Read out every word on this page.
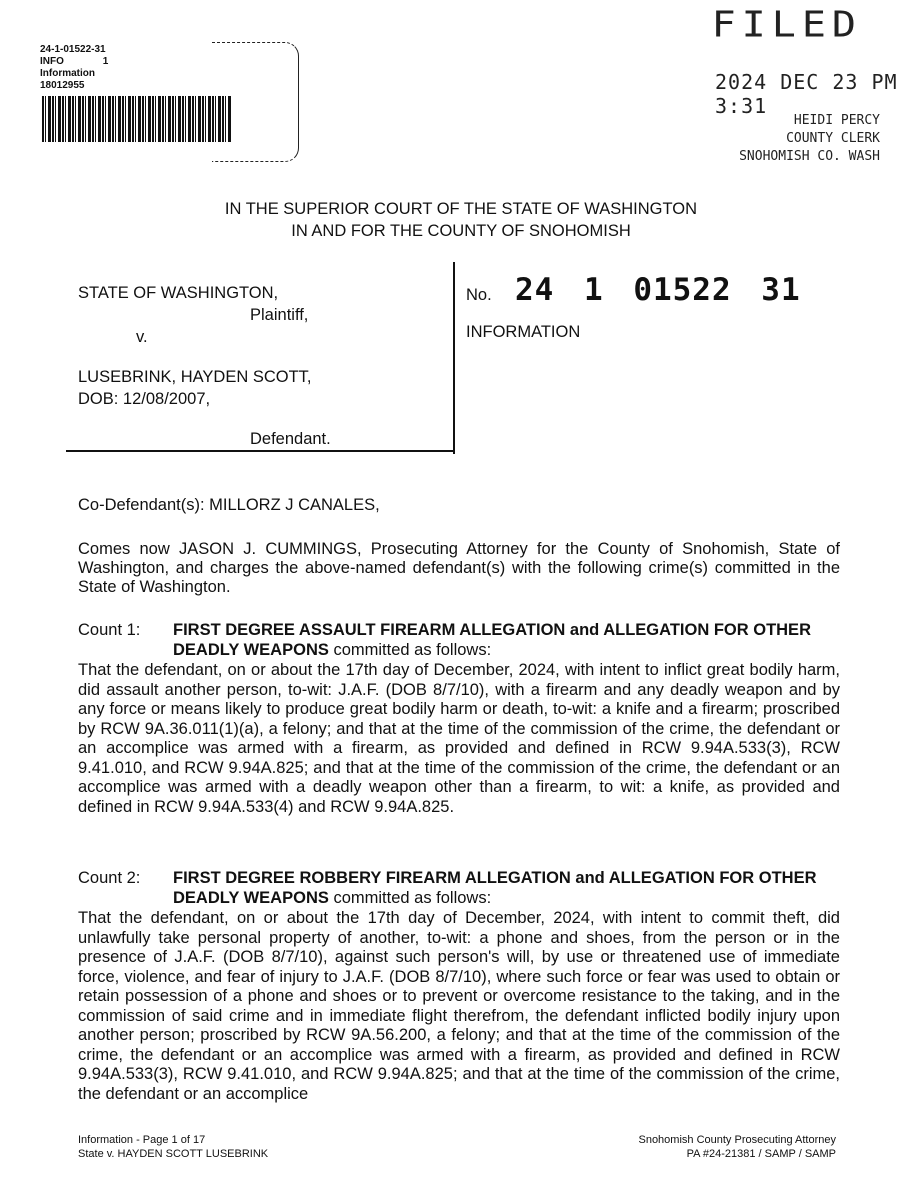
24-1-01522-31
INFO	1
Information
18012955
FILED
2024 DEC 23 PM 3:31
HEIDI PERCY
COUNTY CLERK
SNOHOMISH CO. WASH
IN THE SUPERIOR COURT OF THE STATE OF WASHINGTON
IN AND FOR THE COUNTY OF SNOHOMISH
STATE OF WASHINGTON,
Plaintiff,
v.
LUSEBRINK, HAYDEN SCOTT,
DOB: 12/08/2007,
Defendant.
No. 24 1 01522 31
INFORMATION
Co-Defendant(s): MILLORZ J CANALES,
Comes now JASON J. CUMMINGS, Prosecuting Attorney for the County of Snohomish, State of Washington, and charges the above-named defendant(s) with the following crime(s) committed in the State of Washington.
Count 1: FIRST DEGREE ASSAULT FIREARM ALLEGATION and ALLEGATION FOR OTHER DEADLY WEAPONS committed as follows:
That the defendant, on or about the 17th day of December, 2024, with intent to inflict great bodily harm, did assault another person, to-wit: J.A.F. (DOB 8/7/10), with a firearm and any deadly weapon and by any force or means likely to produce great bodily harm or death, to-wit: a knife and a firearm; proscribed by RCW 9A.36.011(1)(a), a felony; and that at the time of the commission of the crime, the defendant or an accomplice was armed with a firearm, as provided and defined in RCW 9.94A.533(3), RCW 9.41.010, and RCW 9.94A.825; and that at the time of the commission of the crime, the defendant or an accomplice was armed with a deadly weapon other than a firearm, to wit: a knife, as provided and defined in RCW 9.94A.533(4) and RCW 9.94A.825.
Count 2: FIRST DEGREE ROBBERY FIREARM ALLEGATION and ALLEGATION FOR OTHER DEADLY WEAPONS committed as follows:
That the defendant, on or about the 17th day of December, 2024, with intent to commit theft, did unlawfully take personal property of another, to-wit: a phone and shoes, from the person or in the presence of J.A.F. (DOB 8/7/10), against such person's will, by use or threatened use of immediate force, violence, and fear of injury to J.A.F. (DOB 8/7/10), where such force or fear was used to obtain or retain possession of a phone and shoes or to prevent or overcome resistance to the taking, and in the commission of said crime and in immediate flight therefrom, the defendant inflicted bodily injury upon another person; proscribed by RCW 9A.56.200, a felony; and that at the time of the commission of the crime, the defendant or an accomplice was armed with a firearm, as provided and defined in RCW 9.94A.533(3), RCW 9.41.010, and RCW 9.94A.825; and that at the time of the commission of the crime, the defendant or an accomplice
Information - Page 1 of 17
State v. HAYDEN SCOTT LUSEBRINK
Snohomish County Prosecuting Attorney
PA #24-21381 / SAMP / SAMP
